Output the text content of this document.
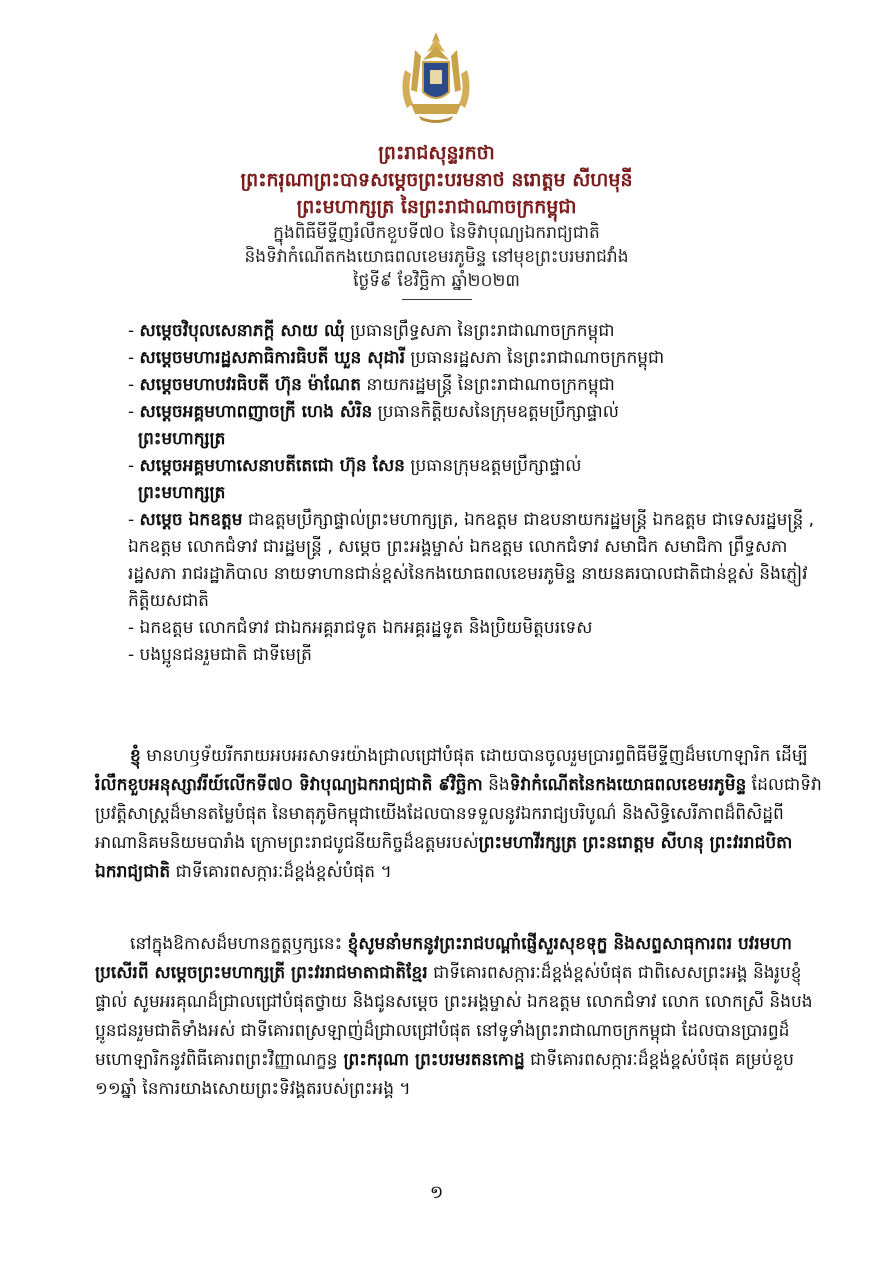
ព្រះរាជសុន្ទរកថា
ព្រះករុណាព្រះបាទសម្ដេចព្រះបរមនាថ នរោត្ដម សីហមុនី
ព្រះមហាក្សត្រ នៃព្រះរាជាណាចក្រកម្ពុជា
ក្នុងពិធីមីទ្ទីញរំលឹកខួបទី៧០ នៃទិវាបុណ្យឯករាជ្យជាតិ
និងទិវាកំណើតកងយោធពលខេមរភូមិន្ទ នៅមុខព្រះបរមរាជវាំង
ថ្ងៃទី៩ ខែវិច្ឆិកា ឆ្នាំ២០២៣
- សម្ដេចវិបុលសេនាភក្តី សាយ ឈុំ ប្រធានព្រឹទ្ធសភា នៃព្រះរាជាណាចក្រកម្ពុជា
- សម្ដេចមហារដ្ឋសភាធិការធិបតី ឃួន សុដារី ប្រធានរដ្ឋសភា នៃព្រះរាជាណាចក្រកម្ពុជា
- សម្ដេចមហាបវរធិបតី ហ៊ុន ម៉ាណែត នាយករដ្ឋមន្ត្រី នៃព្រះរាជាណាចក្រកម្ពុជា
- សម្ដេចអគ្គមហាពញាចក្រី ហេង សំរិន ប្រធានកិត្តិយសនៃក្រុមឧត្តមប្រឹក្សាផ្ទាល់
ព្រះមហាក្សត្រ
- សម្ដេចអគ្គមហាសេនាបតីតេជោ ហ៊ុន សែន ប្រធានក្រុមឧត្តមប្រឹក្សាផ្ទាល់
ព្រះមហាក្សត្រ
- សម្ដេច ឯកឧត្តម ជាឧត្តមប្រឹក្សាផ្ទាល់ព្រះមហាក្សត្រ, ឯកឧត្តម ជាឧបនាយករដ្ឋមន្ត្រី ឯកឧត្តម ជាទេសរដ្ឋមន្ត្រី , ឯកឧត្តម លោកជំទាវ ជារដ្ឋមន្ត្រី , សម្ដេច ព្រះអង្គម្ចាស់ ឯកឧត្តម លោកជំទាវ សមាជិក សមាជិកា ព្រឹទ្ធសភា រដ្ឋសភា រាជរដ្ឋាភិបាល នាយទាហានជាន់ខ្ពស់នៃកងយោធពលខេមរភូមិន្ទ នាយនគរបាលជាតិជាន់ខ្ពស់ និងភ្ញៀវកិត្តិយសជាតិ
- ឯកឧត្តម លោកជំទាវ ជាឯកអគ្គរាជទូត ឯកអគ្គរដ្ឋទូត និងប្រិយមិត្តបរទេស
- បងប្អូនជនរួមជាតិ ជាទីមេត្រី
ខ្ញុំ មានហឫទ័យរីករាយអបអរសាទរយ៉ាងជ្រាលជ្រៅបំផុត ដោយបានចូលរួមប្រារព្ធពិធីមីទ្ទីញដ៏មហោឡារិក ដើម្បីរំលឹកខួបអនុស្សាវរីយ៍លើកទី៧០ ទិវាបុណ្យឯករាជ្យជាតិ ៩វិច្ឆិកា និងទិវាកំណើតនៃកងយោធពលខេមរភូមិន្ទ ដែលជាទិវាប្រវត្តិសាស្ត្រដ៏មានតម្លៃបំផុត នៃមាតុភូមិកម្ពុជាយើងដែលបានទទួលនូវឯករាជ្យបរិបូណ៌ និងសិទ្ធិសេរីភាពដ៏ពិសិដ្ឋពីអាណានិគមនិយមបារាំង ក្រោមព្រះរាជបូជនីយកិច្ចដ៏ឧត្តមរបស់ព្រះមហាវីរក្សត្រ ព្រះនរោត្ដម សីហនុ ព្រះវររាជបិតា ឯករាជ្យជាតិ ជាទីគោរពសក្ការៈដ៏ខ្ពង់ខ្ពស់បំផុត ។
នៅក្នុងឱកាសដ៏មហានក្ខត្តឫក្សនេះ ខ្ញុំសូមនាំមកនូវព្រះរាជបណ្ដាំផ្ញើសួរសុខទុក្ខ និងសព្ទសាធុការពរ បវរមហាប្រសើរពី សម្ដេចព្រះមហាក្សត្រី ព្រះវររាជមាតាជាតិខ្មែរ ជាទីគោរពសក្ការៈដ៏ខ្ពង់ខ្ពស់បំផុត ជាពិសេសព្រះអង្គ និងរូបខ្ញុំផ្ទាល់ សូមអរគុណដ៏ជ្រាលជ្រៅបំផុតថ្វាយ និងជូនសម្ដេច ព្រះអង្គម្ចាស់ ឯកឧត្តម លោកជំទាវ លោក លោកស្រី និងបងប្អូនជនរួមជាតិទាំងអស់ ជាទីគោរពស្រឡាញ់ដ៏ជ្រាលជ្រៅបំផុត នៅទូទាំងព្រះរាជាណាចក្រកម្ពុជា ដែលបានប្រារព្ធដ៏មហោឡារិកនូវពិធីគោរពព្រះវិញ្ញាណក្ខន្ធ ព្រះករុណា ព្រះបរមរតនកោដ្ឋ ជាទីគោរពសក្ការៈដ៏ខ្ពង់ខ្ពស់បំផុត គម្រប់ខួប ១១ឆ្នាំ នៃការយាងសោយព្រះទិវង្គតរបស់ព្រះអង្គ ។
១
